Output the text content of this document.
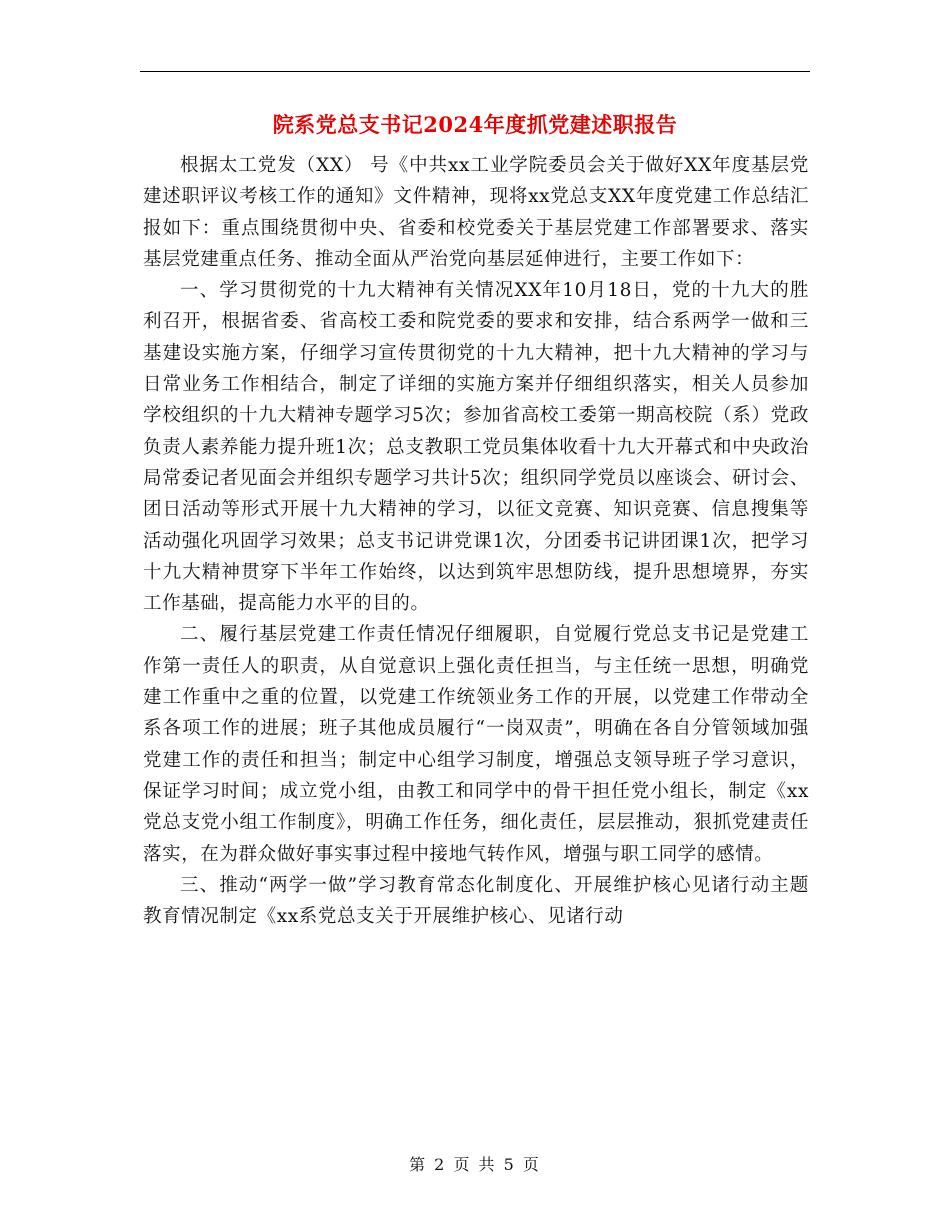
院系党总支书记2024年度抓党建述职报告

根据太工党发（XX） 号《中共xx工业学院委员会关于做好XX年度基层党建述职评议考核工作的通知》文件精神，现将xx党总支XX年度党建工作总结汇报如下：重点围绕贯彻中央、省委和校党委关于基层党建工作部署要求、落实基层党建重点任务、推动全面从严治党向基层延伸进行，主要工作如下：

一、学习贯彻党的十九大精神有关情况XX年10月18日，党的十九大的胜利召开，根据省委、省高校工委和院党委的要求和安排，结合系两学一做和三基建设实施方案，仔细学习宣传贯彻党的十九大精神，把十九大精神的学习与日常业务工作相结合，制定了详细的实施方案并仔细组织落实，相关人员参加学校组织的十九大精神专题学习5次；参加省高校工委第一期高校院（系）党政负责人素养能力提升班1次；总支教职工党员集体收看十九大开幕式和中央政治局常委记者见面会并组织专题学习共计5次；组织同学党员以座谈会、研讨会、团日活动等形式开展十九大精神的学习，以征文竞赛、知识竞赛、信息搜集等活动强化巩固学习效果；总支书记讲党课1次，分团委书记讲团课1次，把学习十九大精神贯穿下半年工作始终，以达到筑牢思想防线，提升思想境界，夯实工作基础，提高能力水平的目的。

二、履行基层党建工作责任情况仔细履职，自觉履行党总支书记是党建工作第一责任人的职责，从自觉意识上强化责任担当，与主任统一思想，明确党建工作重中之重的位置，以党建工作统领业务工作的开展，以党建工作带动全系各项工作的进展；班子其他成员履行“一岗双责”，明确在各自分管领域加强党建工作的责任和担当；制定中心组学习制度，增强总支领导班子学习意识，保证学习时间；成立党小组，由教工和同学中的骨干担任党小组长，制定《xx党总支党小组工作制度》，明确工作任务，细化责任，层层推动，狠抓党建责任落实，在为群众做好事实事过程中接地气转作风，增强与职工同学的感情。

三、推动“两学一做”学习教育常态化制度化、开展维护核心见诸行动主题教育情况制定《xx系党总支关于开展维护核心、见诸行动

第 2 页 共 5 页
